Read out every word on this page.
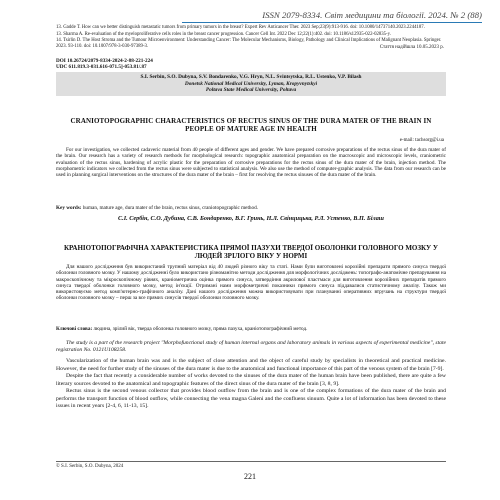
ISSN 2079-8334. Світ медицини та біології. 2024. № 2 (88)

13. Gadde T. How can we better distinguish metastatic tumors from primary tumors in the breast? Expert Rev Anticancer Ther. 2023 Sep;23(9):913-916. doi: 10.1080/14737140.2023.2244187.

13. Sharma A. Re-evaluation of the myeloproliferative cells roles in the breast cancer progression. Cancer Cell Int. 2022 Dec 12;22(1):402. doi: 10.1186/s12935-022-02835-y.

14. Tsirlin D. The Host Stroma and the Tumour Microenvironment: Understanding Cancer: The Molecular Mechanisms, Biology, Pathology and Clinical Implications of Malignant Neoplasia. Springer. 2023. 93-110. doi: 10.1007/978-3-030-97389-3.	Стаття надійшла 10.05.2023 р.
DOI 10.26724/2079-8334-2024-2-88-221-224
UDC 611.819.3-031.616-071.5]-053.81/.87
S.I. Serbin, S.O. Dubyna, S.V. Bondarenko, V.G. Hryn, N.L. Svintsytska, R.L. Ustenko, V.P. Bilash
Donetsk National Medical University, Lyman, Kropyvnytskyi
Poltava State Medical University, Poltava
CRANIOTOPOGRAPHIC CHARACTERISTICS OF RECTUS SINUS OF THE DURA MATER OF THE BRAIN IN PEOPLE OF MATURE AGE IN HEALTH
e-mail: tachsorg@i.ua
For our investigation, we collected cadaveric material from 40 people of different ages and gender. We have prepared corrosive preparations of the rectus sinus of the dura mater of the brain. Our research has a variety of research methods for morphological research: topographic anatomical preparation on the macroscopic and microscopic levels, craniometric evaluation of the rectus sinus, hardening of acrylic plastic for the preparation of corrosive preparations for the rectus sinus of the dura mater of the brain, injection method. The morphometric indicators we collected from the rectus sinus were subjected to statistical analysis. We also use the method of computer-graphic analysis. The data from our research can be used in planning surgical interventions on the structures of the dura mater of the brain – first for resolving the rectus sinuses of the dura mater of the brain.
Key words: human, mature age, dura mater of the brain, rectus sinus, craniotopographic method.
С.І. Сербін, С.О. Дубина, С.В. Бондаренко, В.Г. Гринь, Н.Л. Свінцицька, Р.Л. Устенко, В.П. Білаш
КРАНІОТОПОГРАФІЧНА ХАРАКТЕРИСТИКА ПРЯМОЇ ПАЗУХИ ТВЕРДОЇ ОБОЛОНКИ ГОЛОВНОГО МОЗКУ У ЛЮДЕЙ ЗРІЛОГО ВІКУ У НОРМІ
Для нашого дослідження був використаний трупний матеріал від 40 людей різного віку та статі. Нами були виготовлені корозійні препарати прямого синуса твердої оболонки головного мозку. У нашому дослідженні було використано різноманітно методи дослідження для морфологічних досліджень: топографо-анатомічне препарування на макроскопічному та мікроскопічному рівнях, краніометрична оцінка прямого синуса, затвердіння акрилової пластмаси для виготовлення корозійних препаратів прямого синуса твердої оболонки головного мозку, метод ін'єкції. Отримані нами морфометричні показники прямого синуса піддавалися статистичному аналізу. Також ми використовуємо метод комп'ютерно-графічного аналізу. Дані нашого дослідження можна використовувати при плануванні оперативних втручань на структури твердої оболонки головного мозку – перш за все прямих синусів твердої оболонки головного мозку.
Ключові слова: людина, зрілий вік, тверда оболонка головного мозку, пряма пазуха, краніотопографічний метод.
The study is a part of the research project "Morphofunctional study of human internal organs and laboratory animals in various aspects of experimental medicine", state registration No. 0121U108258.

Vascularization of the human brain was and is the subject of close attention and the object of careful study by specialists in theoretical and practical medicine. However, the need for further study of the sinuses of the dura mater is due to the anatomical and functional importance of this part of the venous system of the brain [7-9].

Despite the fact that recently a considerable number of works devoted to the sinuses of the dura mater of the human brain have been published, there are quite a few literary sources devoted to the anatomical and topographic features of the direct sinus of the dura mater of the brain [3, 8, 9].

Rectus sinus is the second venous collector that provides blood outflow from the brain and is one of the complex formations of the dura mater of the brain and performs the transport function of blood outflow, while connecting the vena magna Galeni and the confluens sinuum. Quite a lot of information has been devoted to these issues in recent years [2-4, 6, 11-13, 15].

© S.I. Serbin, S.O. Dubyna, 2024
221
